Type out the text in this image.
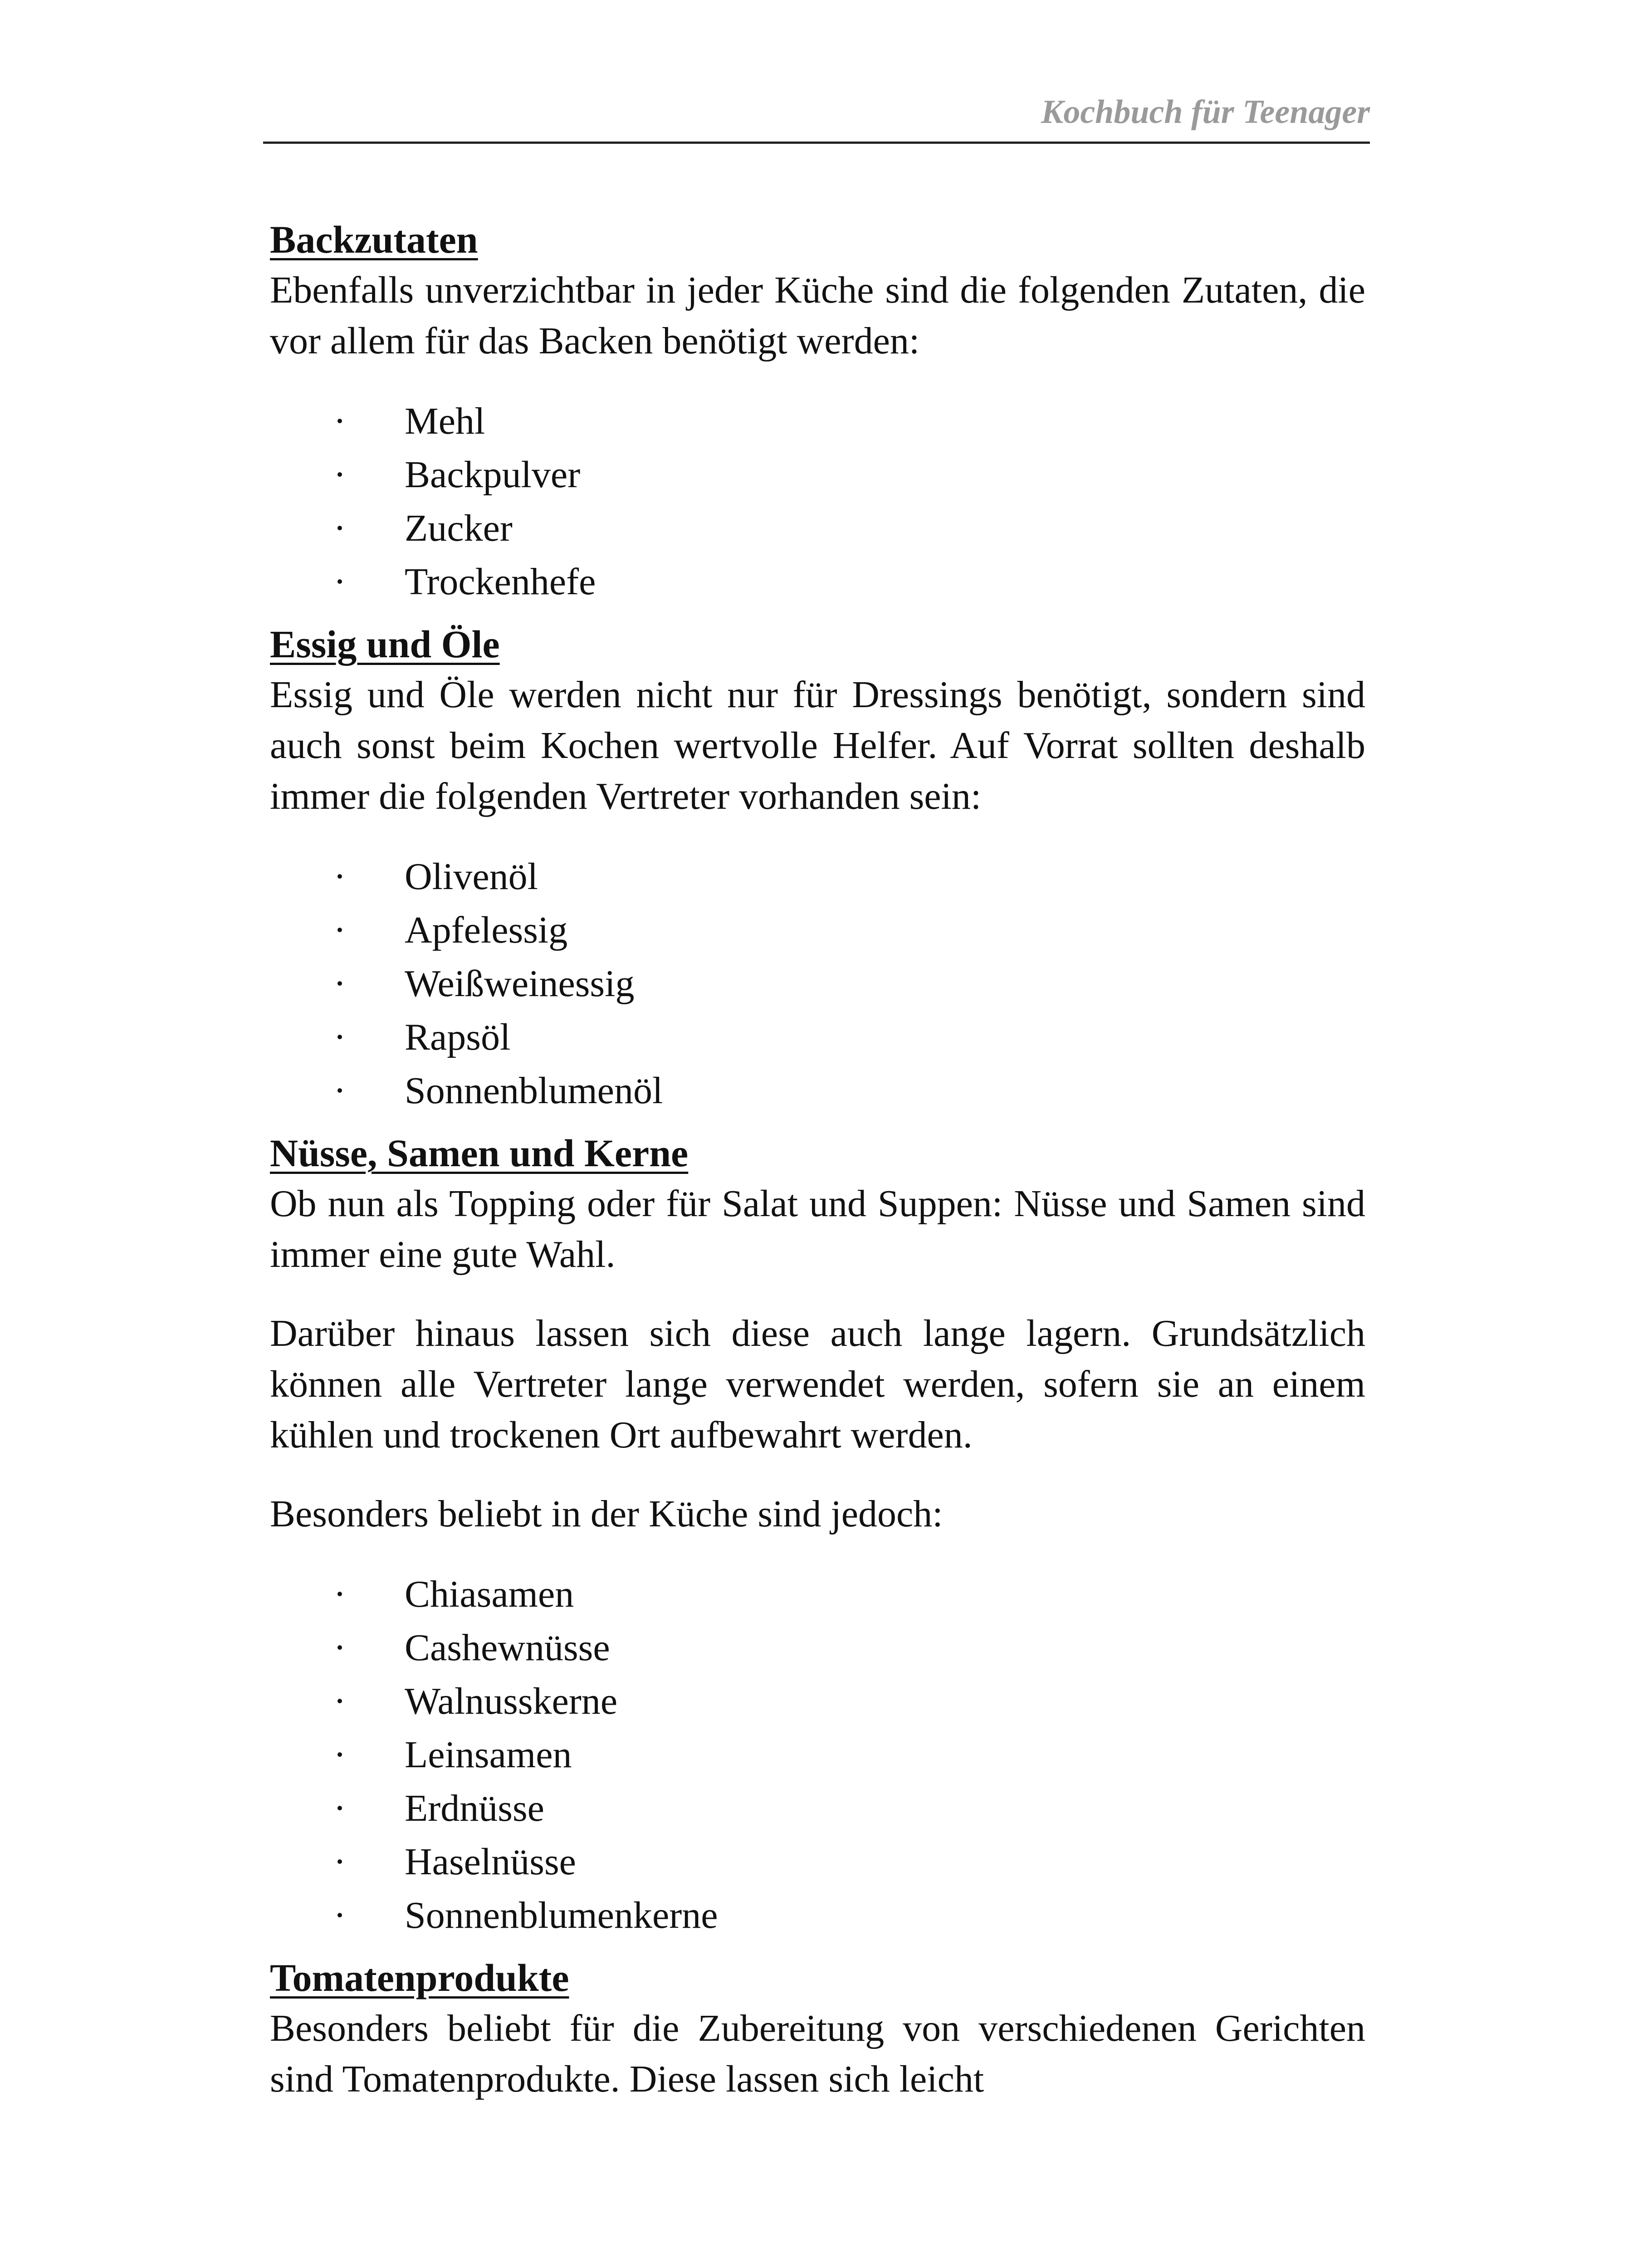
Kochbuch für Teenager
Backzutaten

Ebenfalls unverzichtbar in jeder Küche sind die folgenden Zutaten, die vor allem für das Backen benötigt werden:

· Mehl
· Backpulver
· Zucker
· Trockenhefe
Essig und Öle

Essig und Öle werden nicht nur für Dressings benötigt, sondern sind auch sonst beim Kochen wertvolle Helfer. Auf Vorrat sollten deshalb immer die folgenden Vertreter vorhanden sein:

· Olivenöl
· Apfelessig
· Weißweinessig
· Rapsöl
· Sonnenblumenöl
Nüsse, Samen und Kerne

Ob nun als Topping oder für Salat und Suppen: Nüsse und Samen sind immer eine gute Wahl.

Darüber hinaus lassen sich diese auch lange lagern. Grundsätzlich können alle Vertreter lange verwendet werden, sofern sie an einem kühlen und trockenen Ort aufbewahrt werden.

Besonders beliebt in der Küche sind jedoch:

· Chiasamen
· Cashewnüsse
· Walnusskerne
· Leinsamen
· Erdnüsse
· Haselnüsse
· Sonnenblumenkerne
Tomatenprodukte

Besonders beliebt für die Zubereitung von verschiedenen Gerichten sind Tomatenprodukte. Diese lassen sich leicht
